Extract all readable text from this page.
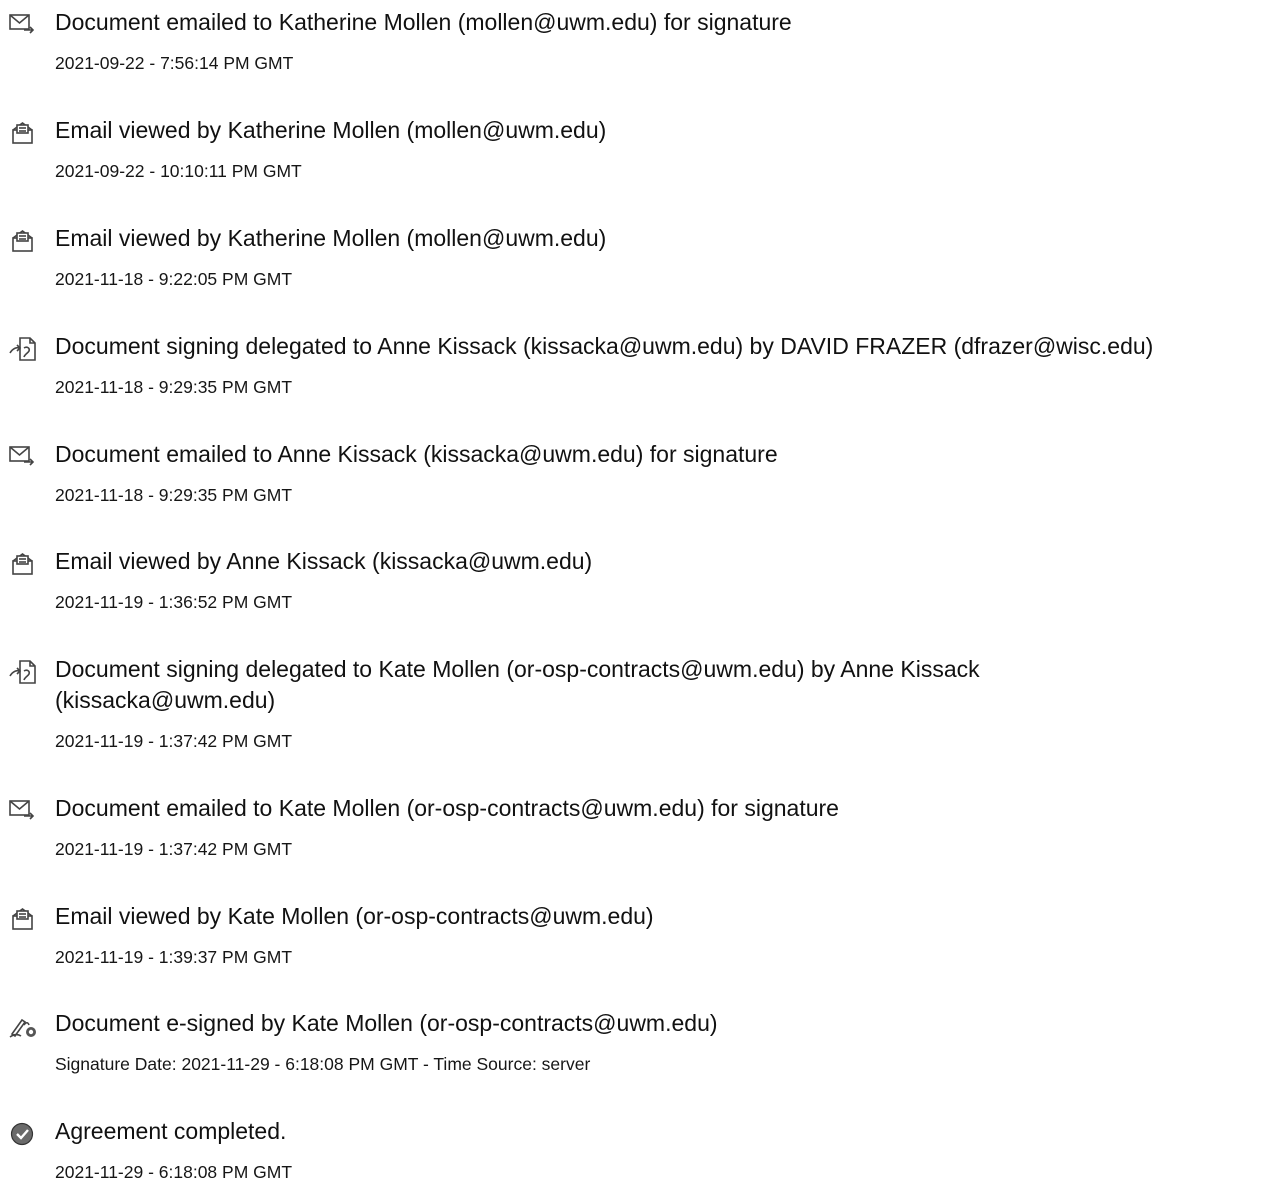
Document emailed to Katherine Mollen (mollen@uwm.edu) for signature
2021-09-22 - 7:56:14 PM GMT
Email viewed by Katherine Mollen (mollen@uwm.edu)
2021-09-22 - 10:10:11 PM GMT
Email viewed by Katherine Mollen (mollen@uwm.edu)
2021-11-18 - 9:22:05 PM GMT
Document signing delegated to Anne Kissack (kissacka@uwm.edu) by DAVID FRAZER (dfrazer@wisc.edu)
2021-11-18 - 9:29:35 PM GMT
Document emailed to Anne Kissack (kissacka@uwm.edu) for signature
2021-11-18 - 9:29:35 PM GMT
Email viewed by Anne Kissack (kissacka@uwm.edu)
2021-11-19 - 1:36:52 PM GMT
Document signing delegated to Kate Mollen (or-osp-contracts@uwm.edu) by Anne Kissack (kissacka@uwm.edu)
2021-11-19 - 1:37:42 PM GMT
Document emailed to Kate Mollen (or-osp-contracts@uwm.edu) for signature
2021-11-19 - 1:37:42 PM GMT
Email viewed by Kate Mollen (or-osp-contracts@uwm.edu)
2021-11-19 - 1:39:37 PM GMT
Document e-signed by Kate Mollen (or-osp-contracts@uwm.edu)
Signature Date: 2021-11-29 - 6:18:08 PM GMT - Time Source: server
Agreement completed.
2021-11-29 - 6:18:08 PM GMT
